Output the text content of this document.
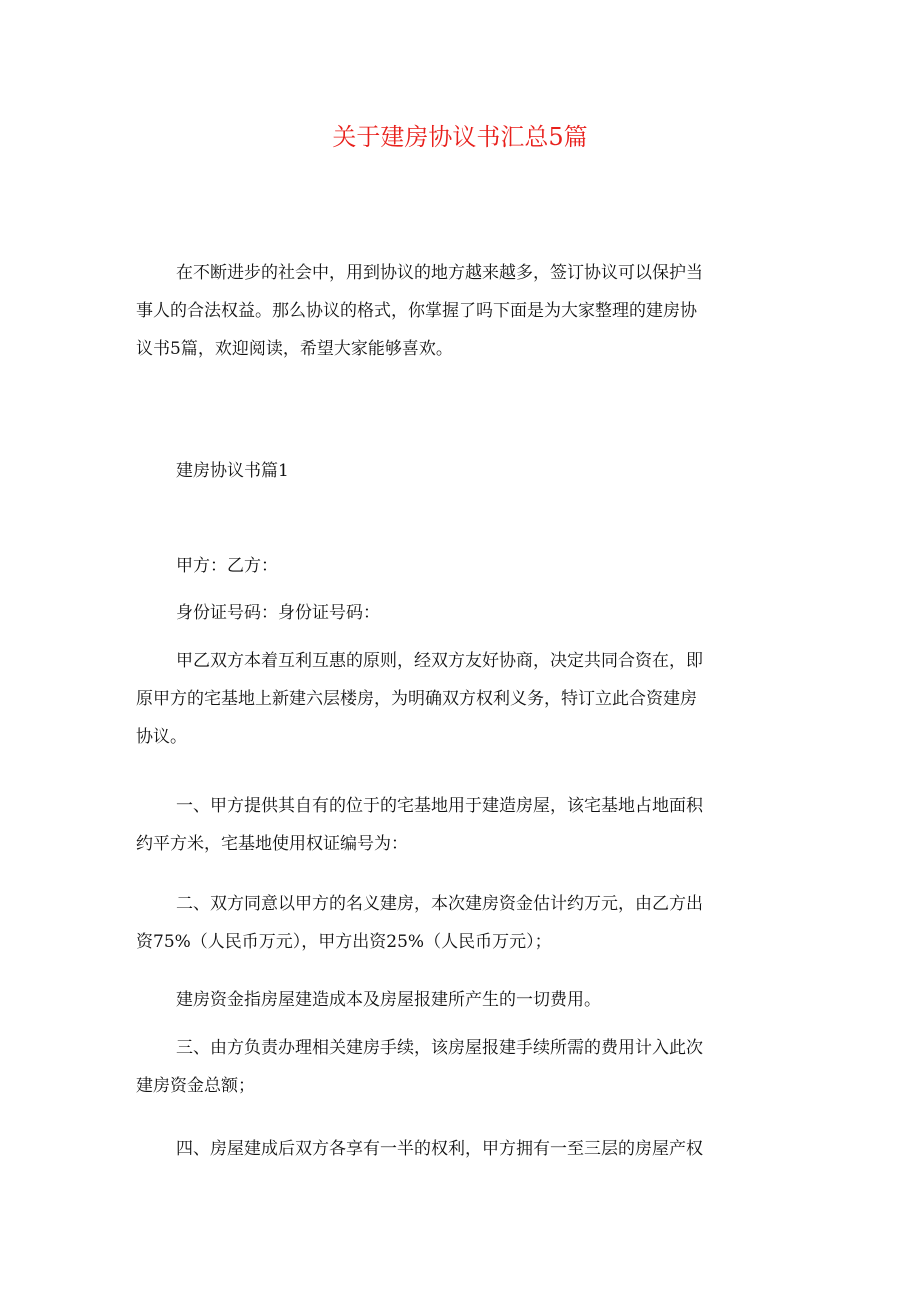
关于建房协议书汇总5篇
在不断进步的社会中，用到协议的地方越来越多，签订协议可以保护当
事人的合法权益。那么协议的格式，你掌握了吗下面是为大家整理的建房协
议书5篇，欢迎阅读，希望大家能够喜欢。
建房协议书篇1
甲方：乙方：
身份证号码：身份证号码：
甲乙双方本着互利互惠的原则，经双方友好协商，决定共同合资在，即
原甲方的宅基地上新建六层楼房，为明确双方权利义务，特订立此合资建房
协议。
一、甲方提供其自有的位于的宅基地用于建造房屋，该宅基地占地面积
约平方米，宅基地使用权证编号为：
二、双方同意以甲方的名义建房，本次建房资金估计约万元，由乙方出
资75%（人民币万元），甲方出资25%（人民币万元）；
建房资金指房屋建造成本及房屋报建所产生的一切费用。
三、由方负责办理相关建房手续，该房屋报建手续所需的费用计入此次
建房资金总额；
四、房屋建成后双方各享有一半的权利，甲方拥有一至三层的房屋产权
